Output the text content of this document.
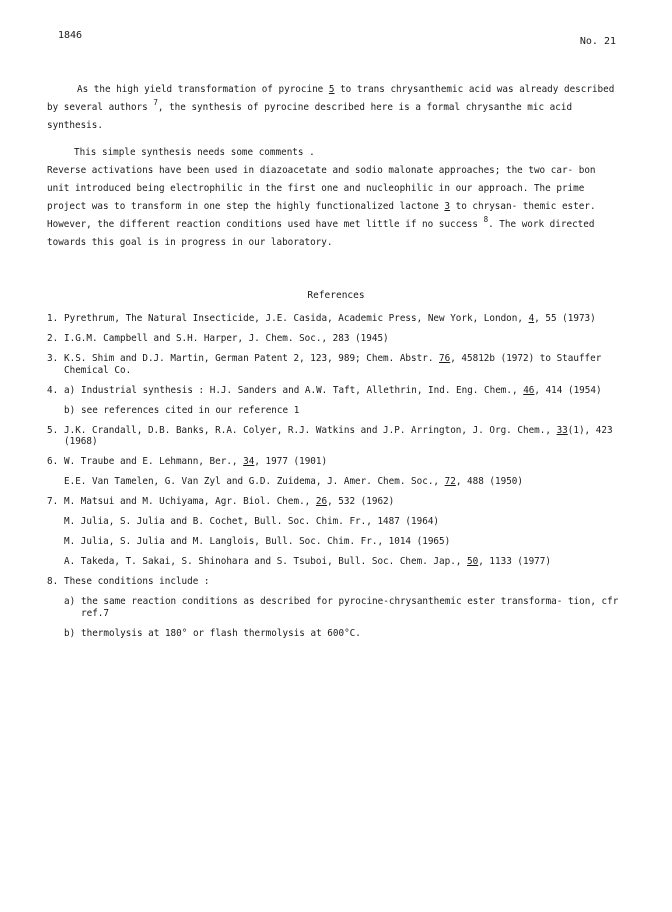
1846
No. 21

As the high yield transformation of pyrocine 5 to trans chrysanthemic acid was already described by several authors $^7$, the synthesis of pyrocine described here is a formal chrysanthe mic acid synthesis.

This simple synthesis needs some comments .

Reverse activations have been used in diazoacetate and sodio malonate approaches; the two car- bon unit introduced being electrophilic in the first one and nucleophilic in our approach. The prime project was to transform in one step the highly functionalized lactone 3 to chrysan- themic ester. However, the different reaction conditions used have met little if no success $^8$. The work directed towards this goal is in progress in our laboratory.

References
1. Pyrethrum, The Natural Insecticide, J.E. Casida, Academic Press, New York, London, 4, 55 (1973)
2. I.G.M. Campbell and S.H. Harper, J. Chem. Soc., 283 (1945)
3. K.S. Shim and D.J. Martin, German Patent 2, 123, 989; Chem. Abstr. 76, 45812b (1972) to Stauffer Chemical Co.
4. a) Industrial synthesis : H.J. Sanders and A.W. Taft, Allethrin, Ind. Eng. Chem., 46, 414 (1954)
b) see references cited in our reference 1
5. J.K. Crandall, D.B. Banks, R.A. Colyer, R.J. Watkins and J.P. Arrington, J. Org. Chem., 33(1), 423 (1968)
6. W. Traube and E. Lehmann, Ber., 34, 1977 (1901)
E.E. Van Tamelen, G. Van Zyl and G.D. Zuidema, J. Amer. Chem. Soc., 72, 488 (1950)
7. M. Matsui and M. Uchiyama, Agr. Biol. Chem., 26, 532 (1962)
M. Julia, S. Julia and B. Cochet, Bull. Soc. Chim. Fr., 1487 (1964)
M. Julia, S. Julia and M. Langlois, Bull. Soc. Chim. Fr., 1014 (1965)
A. Takeda, T. Sakai, S. Shinohara and S. Tsuboi, Bull. Soc. Chem. Jap., 50, 1133 (1977)
8. These conditions include :
a) the same reaction conditions as described for pyrocine-chrysanthemic ester transforma- tion, cfr ref.7
b) thermolysis at 180° or flash thermolysis at 600°C.
